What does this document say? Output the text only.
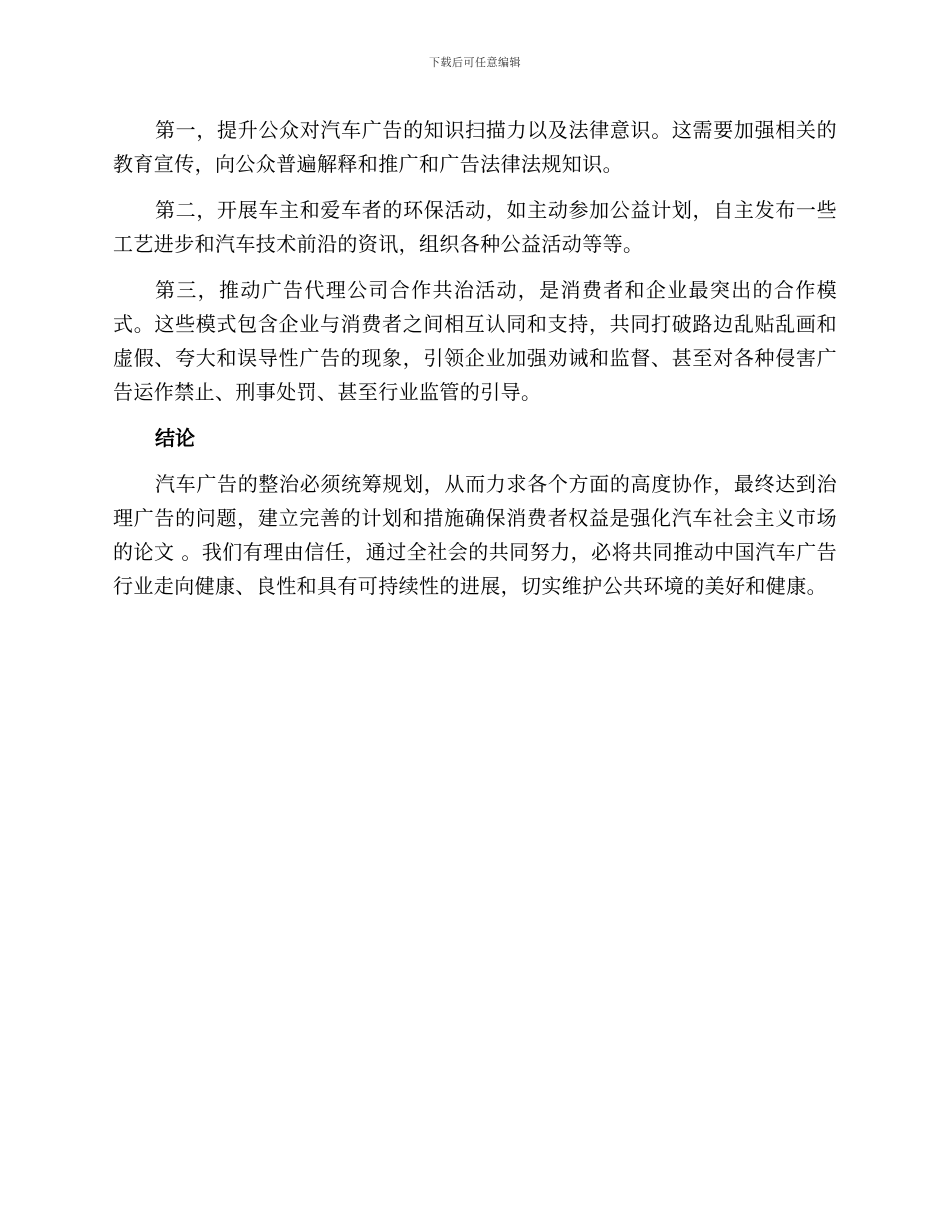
下载后可任意编辑

第一，提升公众对汽车广告的知识扫描力以及法律意识。这需要加强相关的教育宣传，向公众普遍解释和推广和广告法律法规知识。

第二，开展车主和爱车者的环保活动，如主动参加公益计划，自主发布一些工艺进步和汽车技术前沿的资讯，组织各种公益活动等等。

第三，推动广告代理公司合作共治活动，是消费者和企业最突出的合作模式。这些模式包含企业与消费者之间相互认同和支持，共同打破路边乱贴乱画和虚假、夸大和误导性广告的现象，引领企业加强劝诫和监督、甚至对各种侵害广告运作禁止、刑事处罚、甚至行业监管的引导。

结论

汽车广告的整治必须统筹规划，从而力求各个方面的高度协作，最终达到治理广告的问题，建立完善的计划和措施确保消费者权益是强化汽车社会主义市场的论文 。我们有理由信任，通过全社会的共同努力，必将共同推动中国汽车广告行业走向健康、良性和具有可持续性的进展，切实维护公共环境的美好和健康。
